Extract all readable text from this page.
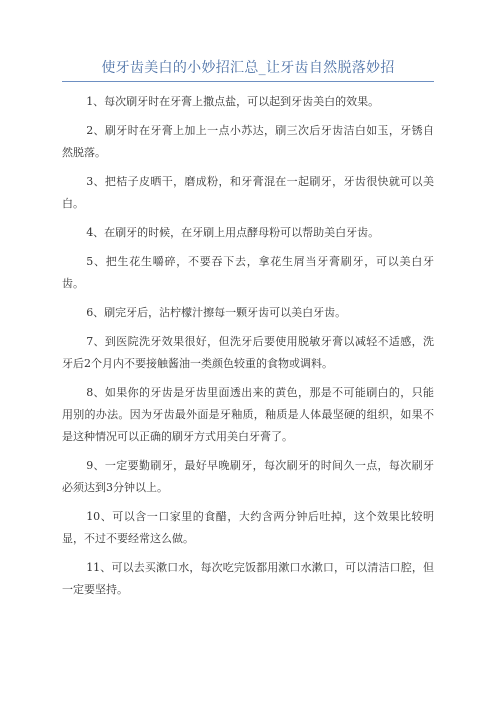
使牙齿美白的小妙招汇总_让牙齿自然脱落妙招

1、每次刷牙时在牙膏上撒点盐，可以起到牙齿美白的效果。

2、刷牙时在牙膏上加上一点小苏达，刷三次后牙齿洁白如玉，牙锈自然脱落。

3、把桔子皮晒干，磨成粉，和牙膏混在一起刷牙，牙齿很快就可以美白。

4、在刷牙的时候，在牙刷上用点酵母粉可以帮助美白牙齿。

5、把生花生嚼碎，不要吞下去，拿花生屑当牙膏刷牙，可以美白牙齿。

6、刷完牙后，沾柠檬汁擦每一颗牙齿可以美白牙齿。

7、到医院洗牙效果很好，但洗牙后要使用脱敏牙膏以减轻不适感，洗牙后2个月内不要接触酱油一类颜色较重的食物或调料。

8、如果你的牙齿是牙齿里面透出来的黄色，那是不可能刷白的，只能用别的办法。因为牙齿最外面是牙釉质，釉质是人体最坚硬的组织，如果不是这种情况可以正确的刷牙方式用美白牙膏了。

9、一定要勤刷牙，最好早晚刷牙，每次刷牙的时间久一点，每次刷牙必须达到3分钟以上。

10、可以含一口家里的食醋，大约含两分钟后吐掉，这个效果比较明显，不过不要经常这么做。

11、可以去买漱口水，每次吃完饭都用漱口水漱口，可以清洁口腔，但一定要坚持。
